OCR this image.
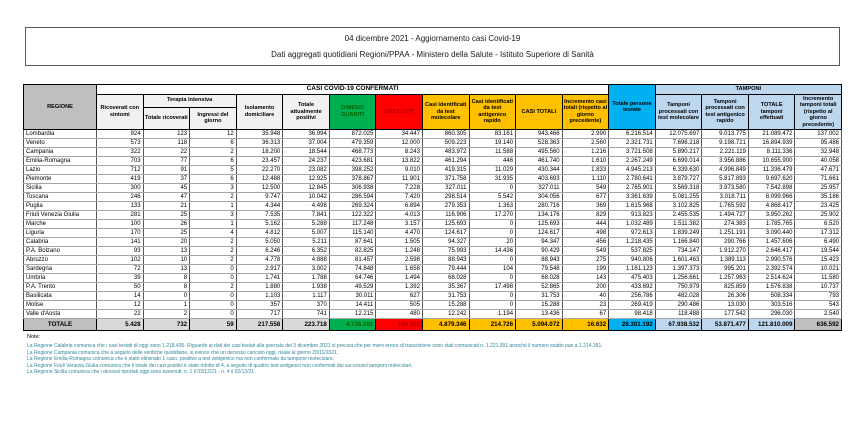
04 dicembre 2021 - Aggiornamento casi Covid-19
Dati aggregati quotidiani Regioni/PPAA - Ministero della Salute - Istituto Superiore di Sanità
REGIONE	CASI COVID-19 CONFERMATI											Totale persone testate	TAMPONI			
	Ricoverati con sintomi	Terapia intensiva		Isolamento domiciliare	Totale attualmente positivi	DIMESSI GUARITI	DECEDUTI	Casi identificati da test molecolare	Casi identificati da test antigenico rapido	CASI TOTALI	Incremento casi totali (rispetto al giorno precedente)		Tamponi processati con test molecolare	Tamponi processati con test antigenico rapido	TOTALE tamponi effettuati	Incremento tamponi totali (rispetto al giorno precedente)
		Totale ricoverati	Ingressi del giorno													
Lombardia	924	123	12	35.948	36.994	872.025	34.447	860.305	83.161	943.466	2.990	6.216.514	12.075.697	9.013.775	21.089.472	137.002
Veneto	573	118	6	36.313	37.004	479.359	12.000	509.223	19.140	528.363	2.560	2.321.731	7.696.218	9.198.721	16.894.939	95.486
Campania	322	22	2	18.200	18.544	468.773	8.243	483.972	11.588	495.560	1.216	3.721.508	5.890.217	2.221.119	8.111.336	32.948
Emilia-Romagna	703	77	6	23.457	24.237	423.681	13.822	461.294	446	461.740	1.610	2.267.249	6.699.014	3.956.886	10.655.900	40.058
Lazio	712	91	5	22.270	23.082	398.252	9.010	419.315	11.029	430.344	1.833	4.945.213	6.339.630	4.996.849	11.336.479	47.671
Piemonte	419	37	6	12.488	12.925	378.867	11.901	371.758	31.935	403.693	1.110	2.780.641	3.879.727	5.817.893	9.697.620	71.661
Sicilia	300	45	3	12.500	12.845	306.938	7.228	327.011	0	327.011	549	2.765.901	3.569.318	3.973.580	7.542.898	25.957
Toscana	246	47	2	9.747	10.042	286.594	7.420	298.514	5.542	304.056	677	3.361.639	5.081.255	3.018.711	8.099.966	35.186
Puglia	133	21	1	4.344	4.498	269.324	6.894	279.353	1.363	280.716	369	1.615.968	3.102.825	1.765.592	4.868.417	23.425
Friuli Venezia Giulia	281	25	3	7.535	7.841	122.322	4.013	116.906	17.270	134.176	829	913.823	2.455.535	1.494.727	3.950.262	25.902
Marche	100	26	1	5.162	5.288	117.248	3.157	125.693	0	125.693	444	1.032.489	1.511.382	274.383	1.785.765	6.520
Liguria	170	25	4	4.812	5.007	115.140	4.470	124.617	0	124.617	498	972.613	1.839.249	1.251.191	3.090.440	17.312
Calabria	141	20	2	5.050	5.211	87.641	1.505	94.327	20	94.347	456	1.218.435	1.166.840	290.766	1.457.606	6.490
P.A. Bolzano	93	13	2	6.246	6.352	82.825	1.248	75.993	14.436	90.429	549	537.825	734.147	1.912.270	2.646.417	19.544
Abruzzo	102	10	2	4.778	4.888	81.457	2.598	88.943	0	88.943	275	940.806	1.601.463	1.389.113	2.990.576	15.423
Sardegna	72	13	0	2.917	3.002	74.848	1.658	79.444	104	79.548	199	1.161.123	1.397.373	995.201	2.392.574	10.021
Umbria	39	8	0	1.741	1.788	64.746	1.494	68.028	0	68.028	143	475.403	1.256.661	1.257.963	2.514.624	11.580
P.A. Trento	50	8	2	1.880	1.938	49.529	1.392	35.367	17.498	52.865	200	433.692	750.979	825.859	1.576.838	10.737
Basilicata	14	0	0	1.103	1.117	30.011	627	31.753	0	31.753	40	256.786	482.028	26.306	508.334	793
Molise	12	1	0	357	370	14.411	505	15.288	0	15.288	23	269.419	290.486	13.030	303.516	543
Valle d'Aosta	22	2	0	717	741	12.215	480	12.242	1.194	13.436	67	98.418	118.488	177.542	296.030	2.540
TOTALE	5.428	732	59	217.558	223.718	4.736.281	134.152	4.879.346	214.726	5.094.072	16.632	28.301.192	67.938.532	53.871.477	121.810.009	636.592
Note:
La Regione Calabria comunica che i casi testati di oggi sono 1.218.435. Riguardo ai dati dei casi testati alla giornata del 3 dicembre 2021 si precisa che per mero errore di trascrizione sono stati comunicati n. 1.221.391 anziché il numero esatto pari a 1.214.391.
La Regione Campania comunica che a seguito delle verifiche quotidiane, si evince che un decesso caricato oggi, risale al giorno 20/11/2021.
La Regione Emilia-Romagna comunica che è stato eliminato 1 caso, positivo a test antigenico ma non confermato da tampone molecolare.
La Regione Friuli Venezia Giulia comunica che il totale dei casi positivi è stato ridotto di 4, a seguito di quattro test antigenici non confermati dai successivi tamponi molecolari.
La Regione Sicilia comunica che i decessi riportati oggi sono avvenuti: n. 1 il 03/12/21 - n. 4 il 02/12/21.
